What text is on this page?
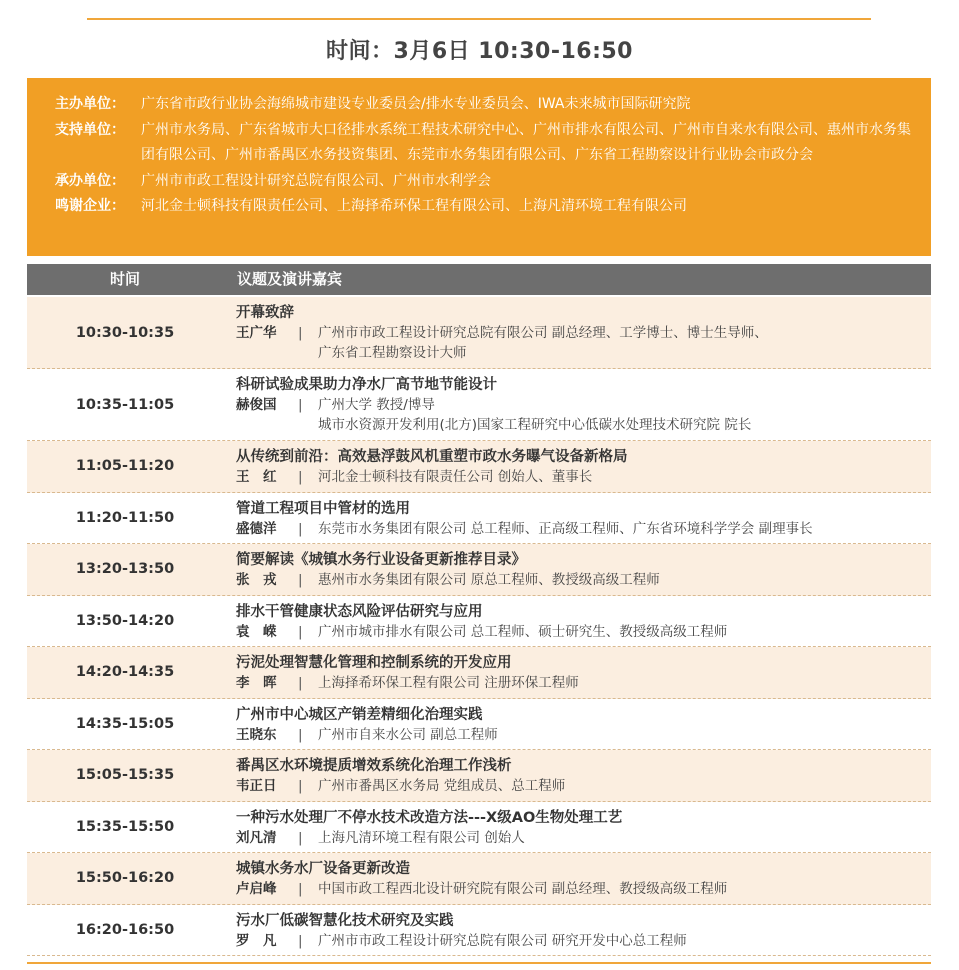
时间：3月6日 10:30-16:50
主办单位：	广东省市政行业协会海绵城市建设专业委员会/排水专业委员会、IWA未来城市国际研究院
支持单位：	广州市水务局、广东省城市大口径排水系统工程技术研究中心、广州市排水有限公司、广州市自来水有限公司、惠州市水务集团有限公司、广州市番禺区水务投资集团、东莞市水务集团有限公司、广东省工程勘察设计行业协会市政分会
承办单位：	广州市市政工程设计研究总院有限公司、广州市水利学会
鸣谢企业：	河北金士顿科技有限责任公司、上海择希环保工程有限公司、上海凡清环境工程有限公司
时间	议题及演讲嘉宾
10:30-10:35
开幕致辞
王广华	|	广州市市政工程设计研究总院有限公司 副总经理、工学博士、博士生导师、
广东省工程勘察设计大师
10:35-11:05
科研试验成果助力净水厂高节地节能设计
赫俊国	|	广州大学 教授/博导
城市水资源开发利用(北方)国家工程研究中心低碳水处理技术研究院 院长
11:05-11:20
从传统到前沿：高效悬浮鼓风机重塑市政水务曝气设备新格局
王　红	|	河北金士顿科技有限责任公司 创始人、董事长
11:20-11:50
管道工程项目中管材的选用
盛德洋	|	东莞市水务集团有限公司 总工程师、正高级工程师、广东省环境科学学会 副理事长
13:20-13:50
简要解读《城镇水务行业设备更新推荐目录》
张　戎	|	惠州市水务集团有限公司 原总工程师、教授级高级工程师
13:50-14:20
排水干管健康状态风险评估研究与应用
袁　嵘	|	广州市城市排水有限公司 总工程师、硕士研究生、教授级高级工程师
14:20-14:35
污泥处理智慧化管理和控制系统的开发应用
李　晖	|	上海择希环保工程有限公司 注册环保工程师
14:35-15:05
广州市中心城区产销差精细化治理实践
王晓东	|	广州市自来水公司 副总工程师
15:05-15:35
番禺区水环境提质增效系统化治理工作浅析
韦正日	|	广州市番禺区水务局 党组成员、总工程师
15:35-15:50
一种污水处理厂不停水技术改造方法---X级AO生物处理工艺
刘凡清	|	上海凡清环境工程有限公司 创始人
15:50-16:20
城镇水务水厂设备更新改造
卢启峰	|	中国市政工程西北设计研究院有限公司 副总经理、教授级高级工程师
16:20-16:50
污水厂低碳智慧化技术研究及实践
罗　凡	|	广州市市政工程设计研究总院有限公司 研究开发中心总工程师
